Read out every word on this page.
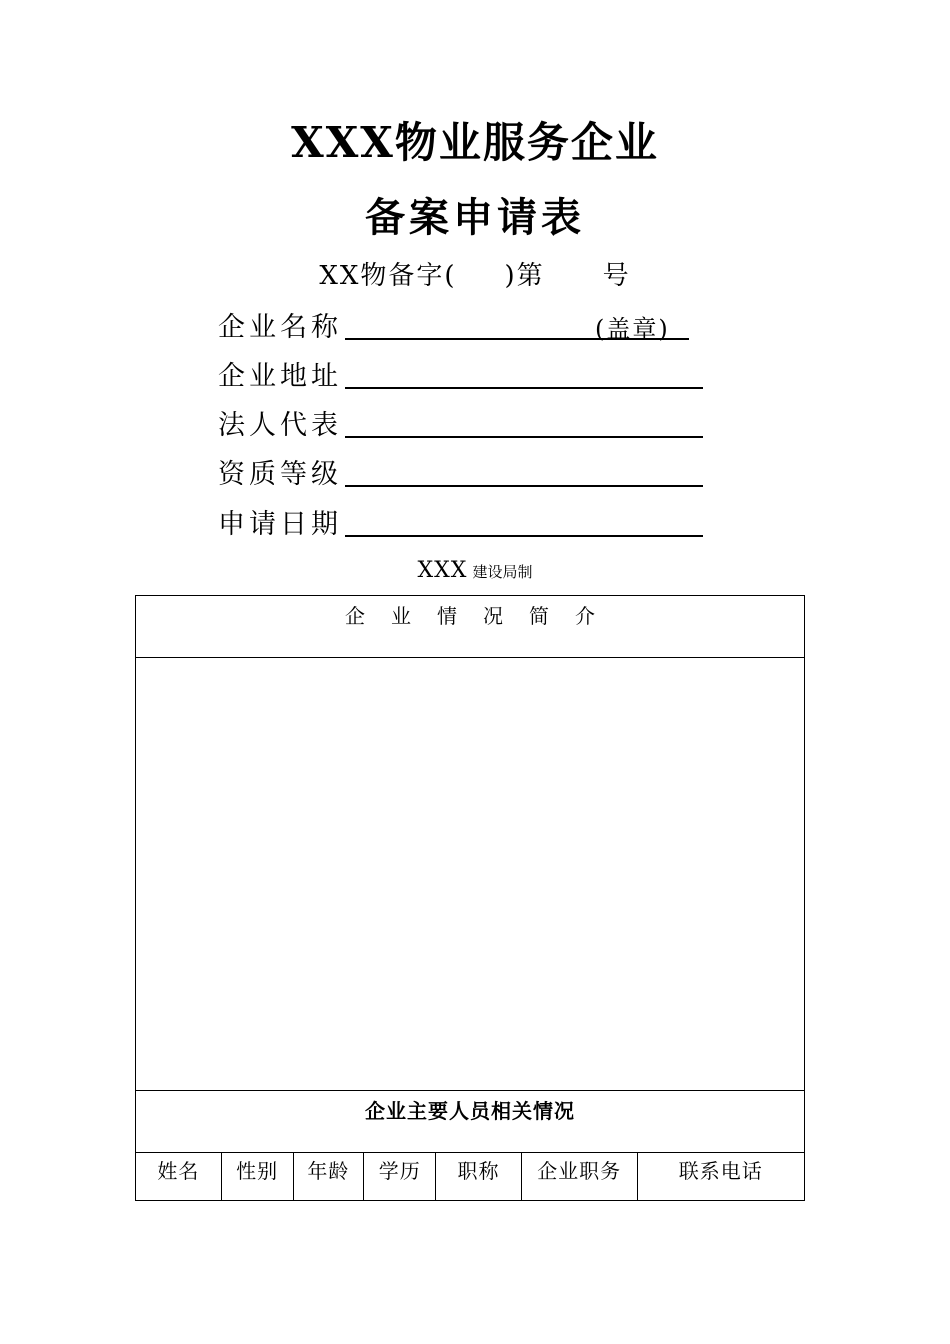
XXX物业服务企业
备案申请表
XX物备字( )第 号
企业名称	(盖章)
企业地址
法人代表
资质等级
申请日期
XXX 建设局制
企业情况简介
企业主要人员相关情况
姓名	性别	年龄	学历	职称	企业职务	联系电话
